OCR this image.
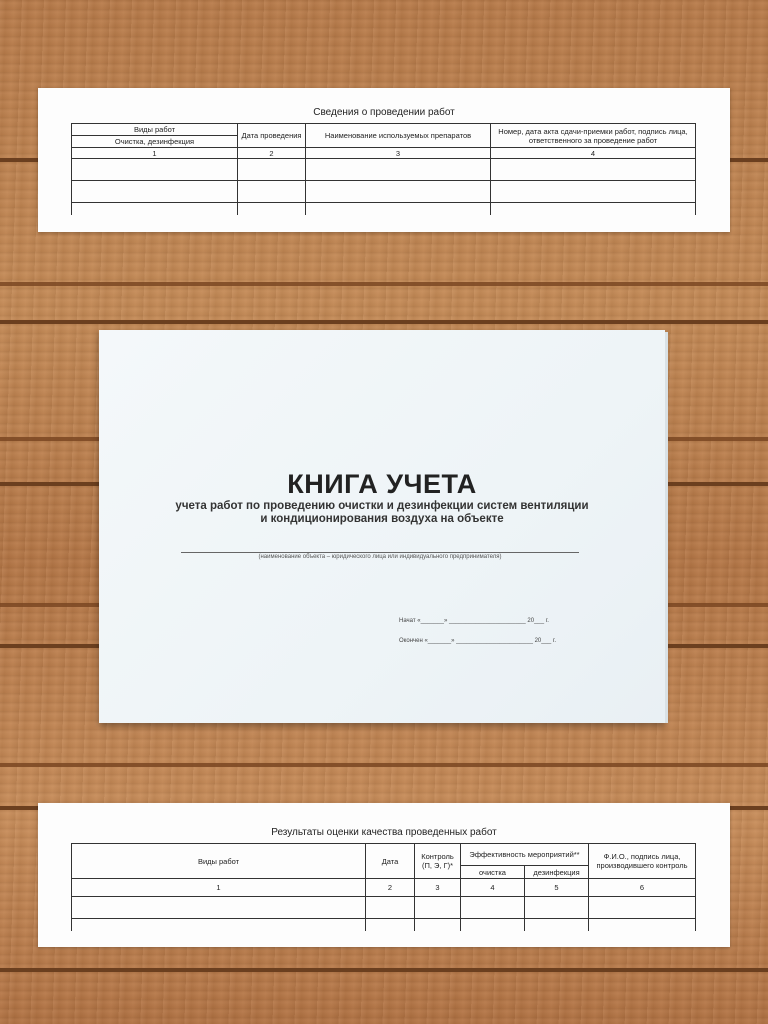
Сведения о проведении работ
Виды работ	Дата проведения	Наименование используемых препаратов	Номер, дата акта сдачи-приемки работ, подпись лица, ответственного за проведение работ
Очистка, дезинфекция			
1	2	3	4

КНИГА УЧЕТА
учета работ по проведению очистки и дезинфекции систем вентиляции
и кондиционирования воздуха на объекте
(наименование объекта – юридического лица или индивидуального предпринимателя)
Начат «_______» _______________________ 20___ г.
Окончен «_______» _______________________ 20___ г.
Результаты оценки качества проведенных работ
Виды работ	Дата	Контроль (П, Э, Г)*	Эффективность мероприятий**		Ф.И.О., подпись лица, производившего контроль
			очистка	дезинфекция	
1	2	3	4	5	6
